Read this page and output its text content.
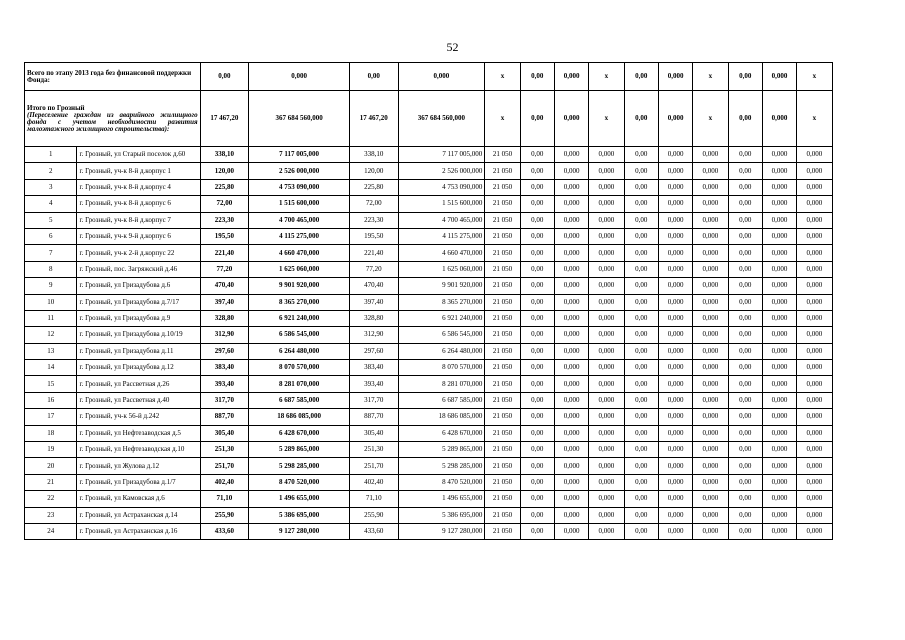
52
Всего по этапу 2013 года без финансовой поддержки Фонда:		0,00	0,000	0,00	0,000	x	0,00	0,000	x	0,00	0,000	x	0,00	0,000	x
Итого по Грозный
(Переселение граждан из аварийного жилищного фонда с учетом необходимости развития малоэтажного жилищного строительства):		17 467,20	367 684 560,000	17 467,20	367 684 560,000	x	0,00	0,000	x	0,00	0,000	x	0,00	0,000	x
1	г. Грозный, ул Старый поселок д.60	338,10	7 117 005,000	338,10	7 117 005,000	21 050	0,00	0,000	0,000	0,00	0,000	0,000	0,00	0,000	0,000
2	г. Грозный, уч-к 8-й д.корпус 1	120,00	2 526 000,000	120,00	2 526 000,000	21 050	0,00	0,000	0,000	0,00	0,000	0,000	0,00	0,000	0,000
3	г. Грозный, уч-к 8-й д.корпус 4	225,80	4 753 090,000	225,80	4 753 090,000	21 050	0,00	0,000	0,000	0,00	0,000	0,000	0,00	0,000	0,000
4	г. Грозный, уч-к 8-й д.корпус 6	72,00	1 515 600,000	72,00	1 515 600,000	21 050	0,00	0,000	0,000	0,00	0,000	0,000	0,00	0,000	0,000
5	г. Грозный, уч-к 8-й д.корпус 7	223,30	4 700 465,000	223,30	4 700 465,000	21 050	0,00	0,000	0,000	0,00	0,000	0,000	0,00	0,000	0,000
6	г. Грозный, уч-к 9-й д.корпус 6	195,50	4 115 275,000	195,50	4 115 275,000	21 050	0,00	0,000	0,000	0,00	0,000	0,000	0,00	0,000	0,000
7	г. Грозный, уч-к 2-й д.корпус 22	221,40	4 660 470,000	221,40	4 660 470,000	21 050	0,00	0,000	0,000	0,00	0,000	0,000	0,00	0,000	0,000
8	г. Грозный, пос. Загряжский д.46	77,20	1 625 060,000	77,20	1 625 060,000	21 050	0,00	0,000	0,000	0,00	0,000	0,000	0,00	0,000	0,000
9	г. Грозный, ул Гризадубова д.6	470,40	9 901 920,000	470,40	9 901 920,000	21 050	0,00	0,000	0,000	0,00	0,000	0,000	0,00	0,000	0,000
10	г. Грозный, ул Гризадубова д.7/17	397,40	8 365 270,000	397,40	8 365 270,000	21 050	0,00	0,000	0,000	0,00	0,000	0,000	0,00	0,000	0,000
11	г. Грозный, ул Гризадубова д.9	328,80	6 921 240,000	328,80	6 921 240,000	21 050	0,00	0,000	0,000	0,00	0,000	0,000	0,00	0,000	0,000
12	г. Грозный, ул Гризадубова д.10/19	312,90	6 586 545,000	312,90	6 586 545,000	21 050	0,00	0,000	0,000	0,00	0,000	0,000	0,00	0,000	0,000
13	г. Грозный, ул Гризадубова д.11	297,60	6 264 480,000	297,60	6 264 480,000	21 050	0,00	0,000	0,000	0,00	0,000	0,000	0,00	0,000	0,000
14	г. Грозный, ул Гризадубова д.12	383,40	8 070 570,000	383,40	8 070 570,000	21 050	0,00	0,000	0,000	0,00	0,000	0,000	0,00	0,000	0,000
15	г. Грозный, ул Рассветная д.26	393,40	8 281 070,000	393,40	8 281 070,000	21 050	0,00	0,000	0,000	0,00	0,000	0,000	0,00	0,000	0,000
16	г. Грозный, ул Рассветная д.40	317,70	6 687 585,000	317,70	6 687 585,000	21 050	0,00	0,000	0,000	0,00	0,000	0,000	0,00	0,000	0,000
17	г. Грозный, уч-к 56-й д.242	887,70	18 686 085,000	887,70	18 686 085,000	21 050	0,00	0,000	0,000	0,00	0,000	0,000	0,00	0,000	0,000
18	г. Грозный, ул Нефтезаводская д.5	305,40	6 428 670,000	305,40	6 428 670,000	21 050	0,00	0,000	0,000	0,00	0,000	0,000	0,00	0,000	0,000
19	г. Грозный, ул Нефтезаводская д.10	251,30	5 289 865,000	251,30	5 289 865,000	21 050	0,00	0,000	0,000	0,00	0,000	0,000	0,00	0,000	0,000
20	г. Грозный, ул Жулова д.12	251,70	5 298 285,000	251,70	5 298 285,000	21 050	0,00	0,000	0,000	0,00	0,000	0,000	0,00	0,000	0,000
21	г. Грозный, ул Гризадубова д.1/7	402,40	8 470 520,000	402,40	8 470 520,000	21 050	0,00	0,000	0,000	0,00	0,000	0,000	0,00	0,000	0,000
22	г. Грозный, ул Камовская д.6	71,10	1 496 655,000	71,10	1 496 655,000	21 050	0,00	0,000	0,000	0,00	0,000	0,000	0,00	0,000	0,000
23	г. Грозный, ул Астраханская д.14	255,90	5 386 695,000	255,90	5 386 695,000	21 050	0,00	0,000	0,000	0,00	0,000	0,000	0,00	0,000	0,000
24	г. Грозный, ул Астраханская д.16	433,60	9 127 280,000	433,60	9 127 280,000	21 050	0,00	0,000	0,000	0,00	0,000	0,000	0,00	0,000	0,000
